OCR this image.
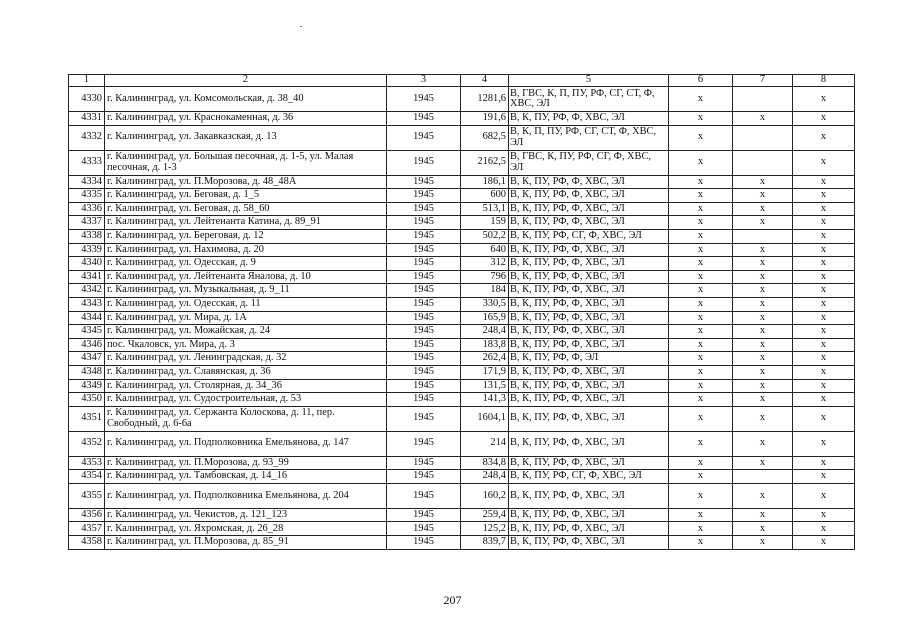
1	2	3	4	5	6	7	8
4330	г. Калининград, ул. Комсомольская, д. 38_40	1945	1281,6	В, ГВС, К, П, ПУ, РФ, СГ, СТ, Ф, ХВС, ЭЛ	х		х
4331	г. Калининград, ул. Краснокаменная, д. 36	1945	191,6	В, К, ПУ, РФ, Ф, ХВС, ЭЛ	х	х	х
4332	г. Калининград, ул. Закавказская, д. 13	1945	682,5	В, К, П, ПУ, РФ, СГ, СТ, Ф, ХВС, ЭЛ	х		х
4333	г. Калининград, ул. Большая песочная, д. 1-5, ул. Малая песочная, д. 1-3	1945	2162,5	В, ГВС, К, ПУ, РФ, СГ, Ф, ХВС, ЭЛ	х		х
4334	г. Калининград, ул. П.Морозова, д. 48_48А	1945	186,1	В, К, ПУ, РФ, Ф, ХВС, ЭЛ	х	х	х
4335	г. Калининград, ул. Беговая, д. 1_5	1945	600	В, К, ПУ, РФ, Ф, ХВС, ЭЛ	х	х	х
4336	г. Калининград, ул. Беговая, д. 58_60	1945	513,1	В, К, ПУ, РФ, Ф, ХВС, ЭЛ	х	х	х
4337	г. Калининград, ул. Лейтенанта Катина, д. 89_91	1945	159	В, К, ПУ, РФ, Ф, ХВС, ЭЛ	х	х	х
4338	г. Калининград, ул. Береговая, д. 12	1945	502,2	В, К, ПУ, РФ, СГ, Ф, ХВС, ЭЛ	х		х
4339	г. Калининград, ул. Нахимова, д. 20	1945	640	В, К, ПУ, РФ, Ф, ХВС, ЭЛ	х	х	х
4340	г. Калининград, ул. Одесская, д. 9	1945	312	В, К, ПУ, РФ, Ф, ХВС, ЭЛ	х	х	х
4341	г. Калининград, ул. Лейтенанта Яналова, д. 10	1945	796	В, К, ПУ, РФ, Ф, ХВС, ЭЛ	х	х	х
4342	г. Калининград, ул. Музыкальная, д. 9_11	1945	184	В, К, ПУ, РФ, Ф, ХВС, ЭЛ	х	х	х
4343	г. Калининград, ул. Одесская, д. 11	1945	330,5	В, К, ПУ, РФ, Ф, ХВС, ЭЛ	х	х	х
4344	г. Калининград, ул. Мира, д. 1А	1945	165,9	В, К, ПУ, РФ, Ф, ХВС, ЭЛ	х	х	х
4345	г. Калининград, ул. Можайская, д. 24	1945	248,4	В, К, ПУ, РФ, Ф, ХВС, ЭЛ	х	х	х
4346	пос. Чкаловск, ул. Мира, д. 3	1945	183,8	В, К, ПУ, РФ, Ф, ХВС, ЭЛ	х	х	х
4347	г. Калининград, ул. Ленинградская, д. 32	1945	262,4	В, К, ПУ, РФ, Ф, ЭЛ	х	х	х
4348	г. Калининград, ул. Славянская, д. 36	1945	171,9	В, К, ПУ, РФ, Ф, ХВС, ЭЛ	х	х	х
4349	г. Калининград, ул. Столярная, д. 34_36	1945	131,5	В, К, ПУ, РФ, Ф, ХВС, ЭЛ	х	х	х
4350	г. Калининград, ул. Судостроительная, д. 53	1945	141,3	В, К, ПУ, РФ, Ф, ХВС, ЭЛ	х	х	х
4351	г. Калининград, ул. Сержанта Колоскова, д. 11, пер. Свободный, д. 6-6а	1945	1604,1	В, К, ПУ, РФ, Ф, ХВС, ЭЛ	х	х	х
4352	г. Калининград, ул. Подполковника Емельянова, д. 147	1945	214	В, К, ПУ, РФ, Ф, ХВС, ЭЛ	х	х	х
4353	г. Калининград, ул. П.Морозова, д. 93_99	1945	834,8	В, К, ПУ, РФ, Ф, ХВС, ЭЛ	х	х	х
4354	г. Калининград, ул. Тамбовская, д. 14_16	1945	248,4	В, К, ПУ, РФ, СГ, Ф, ХВС, ЭЛ	х		х
4355	г. Калининград, ул. Подполковника Емельянова, д. 204	1945	160,2	В, К, ПУ, РФ, Ф, ХВС, ЭЛ	х	х	х
4356	г. Калининград, ул. Чекистов, д. 121_123	1945	259,4	В, К, ПУ, РФ, Ф, ХВС, ЭЛ	х	х	х
4357	г. Калининград, ул. Яхромская, д. 26_28	1945	125,2	В, К, ПУ, РФ, Ф, ХВС, ЭЛ	х	х	х
4358	г. Калининград, ул. П.Морозова, д. 85_91	1945	839,7	В, К, ПУ, РФ, Ф, ХВС, ЭЛ	х	х	х
207
